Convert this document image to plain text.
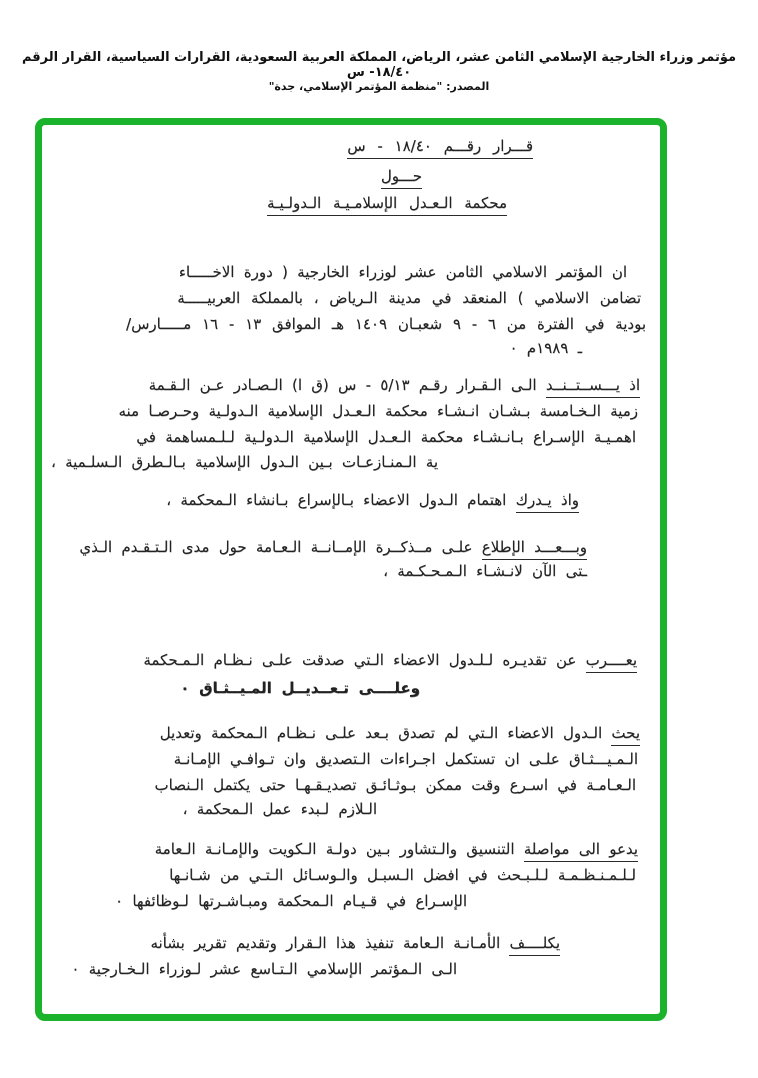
مؤتمر وزراء الخارجية الإسلامي الثامن عشر، الرياض، المملكة العربية السعودية، القرارات السياسية، القرار الرقم ١٨/٤٠- س
المصدر: "منظمة المؤتمر الإسلامي، جدة"
قـــرار رقـــم ١٨/٤٠ - س
حـــول
محكمة الـعـدل الإسلامـيـة الـدولـيـة
ان المؤتمر الاسلامي الثامن عشر لوزراء الخارجية ( دورة الاخـــــاء
تضامن الاسلامي ) المنعقد في مدينة الـرياض ، بالمملكة العربيـــــة
بودية في الفترة من ٦ - ٩ شعبـان ١٤٠٩ هـ الموافق ١٣ - ١٦ مـــــارس/
ـ ١٩٨٩م ٠
اذ يـــســتــنــد الـى الـقـرار رقـم ٥/١٣ - س (ق ا) الـصـادر عـن الـقـمة
زمية الـخـامسة بـشـان انـشـاء محكمة الـعـدل الإسلامية الـدولـية وحـرصـا منه
اهمـيـة الإسـراع بـانـشـاء محكمة الـعـدل الإسلامية الـدولـية لـلـمساهمة في
ية الـمنـازعـات بـين الـدول الإسلامية بـالـطرق الـسلـمية ،
واذ يـدرك اهتمام الـدول الاعضاء بـالإسراع بـانشاء الـمحكمة ،
وبـــعـــد الإطلاع علـى مــذكــرة الإمــانــة الـعـامة حول مدى الـتـقـدم الـذي
ـتى الآن لانـشـاء الـمـحـكـمة ،
يعــــرب عن تقديـره لـلـدول الاعضاء الـتي صدقت علـى نـظـام الـمـحكمة
وعلــــى تـعــديــل المـيــثـاق ٠
يحث الـدول الاعضاء الـتي لم تصدق بـعد علـى نـظـام الـمحكمة وتعديل
الـمـيـــثـاق علـى ان تستكمل اجـراءات الـتصديق وان تـوافـي الإمـانـة
الـعـامـة في اسـرع وقت ممكن بـوثـائـق تصديـقـهـا حتى يكتمل الـنصاب
الـلازم لـبدء عمل الـمحكمة ،
يدعو الى مواصلة التنسيق والـتشاور بـين دولـة الـكويت والإمـانـة الـعامة
لـلـمـنـظـمـة لـلـبـحث في افضل الـسبـل والـوسـائل الـتـي من شـانـها
الإسـراع في قـيـام الـمحكمة ومبـاشـرتها لـوظائفها ٠
يكلــــف الأمـانـة الـعامة تنفيذ هذا الـقرار وتقديم تقرير بشأنه
الـى الـمؤتمر الإسلامي الـتـاسع عشر لـوزراء الـخـارجية ٠
